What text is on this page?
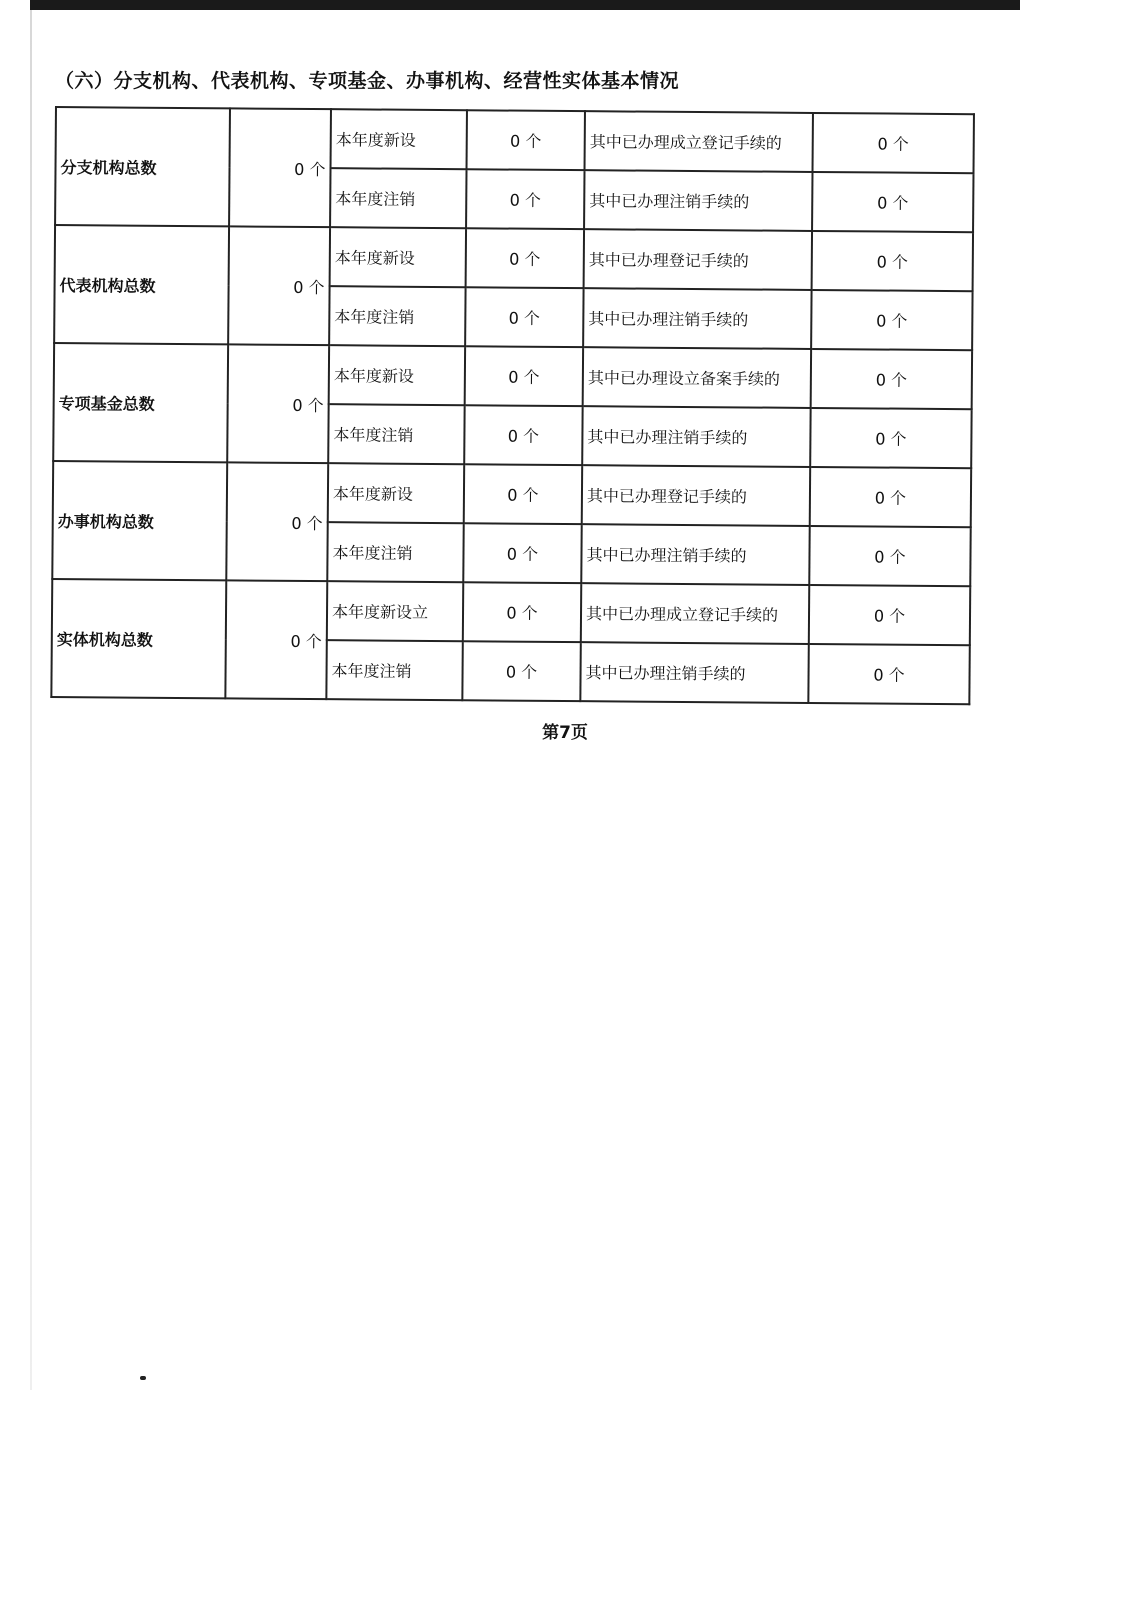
（六）分支机构、代表机构、专项基金、办事机构、经营性实体基本情况
分支机构总数	0 个	本年度新设	0 个	其中已办理成立登记手续的	0 个
		本年度注销	0 个	其中已办理注销手续的	0 个
代表机构总数	0 个	本年度新设	0 个	其中已办理登记手续的	0 个
		本年度注销	0 个	其中已办理注销手续的	0 个
专项基金总数	0 个	本年度新设	0 个	其中已办理设立备案手续的	0 个
		本年度注销	0 个	其中已办理注销手续的	0 个
办事机构总数	0 个	本年度新设	0 个	其中已办理登记手续的	0 个
		本年度注销	0 个	其中已办理注销手续的	0 个
实体机构总数	0 个	本年度新设立	0 个	其中已办理成立登记手续的	0 个
		本年度注销	0 个	其中已办理注销手续的	0 个
第7页
